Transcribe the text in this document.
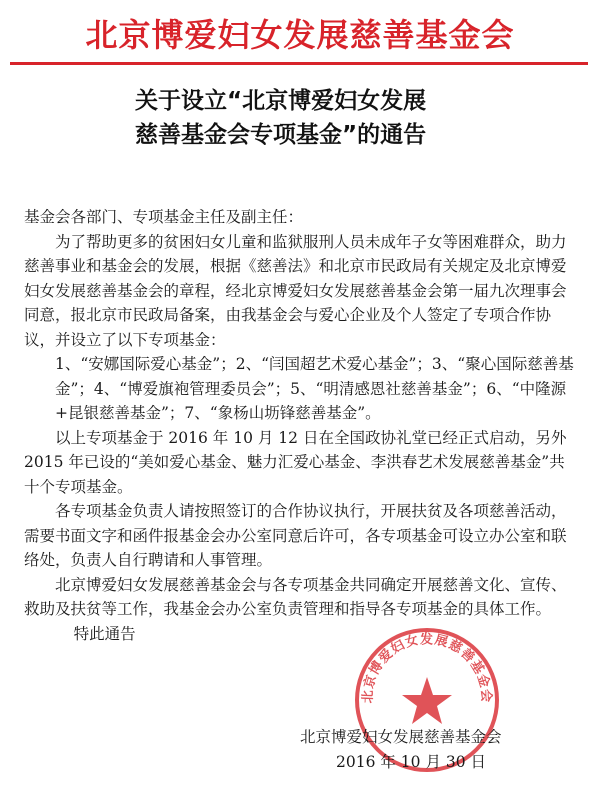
北京博爱妇女发展慈善基金会
关于设立“北京博爱妇女发展
慈善基金会专项基金”的通告

基金会各部门、专项基金主任及副主任：

为了帮助更多的贫困妇女儿童和监狱服刑人员未成年子女等困难群众，助力慈善事业和基金会的发展，根据《慈善法》和北京市民政局有关规定及北京博爱妇女发展慈善基金会的章程，经北京博爱妇女发展慈善基金会第一届九次理事会同意，报北京市民政局备案，由我基金会与爱心企业及个人签定了专项合作协议，并设立了以下专项基金：

1、“安娜国际爱心基金”；2、“闫国超艺术爱心基金”；3、“聚心国际慈善基金”；4、“博爱旗袍管理委员会”；5、“明清感恩社慈善基金”；6、“中隆源+昆银慈善基金”；7、“象杨山坜锋慈善基金”。

以上专项基金于 2016 年 10 月 12 日在全国政协礼堂已经正式启动，另外 2015 年已设的“美如爱心基金、魅力汇爱心基金、李洪春艺术发展慈善基金”共十个专项基金。

各专项基金负责人请按照签订的合作协议执行，开展扶贫及各项慈善活动，需要书面文字和函件报基金会办公室同意后许可，各专项基金可设立办公室和联络处，负责人自行聘请和人事管理。

北京博爱妇女发展慈善基金会与各专项基金共同确定开展慈善文化、宣传、救助及扶贫等工作，我基金会办公室负责管理和指导各专项基金的具体工作。

特此通告

北京博爱妇女发展慈善基金会
北京博爱妇女发展慈善基金会
2016 年 10 月 30 日
